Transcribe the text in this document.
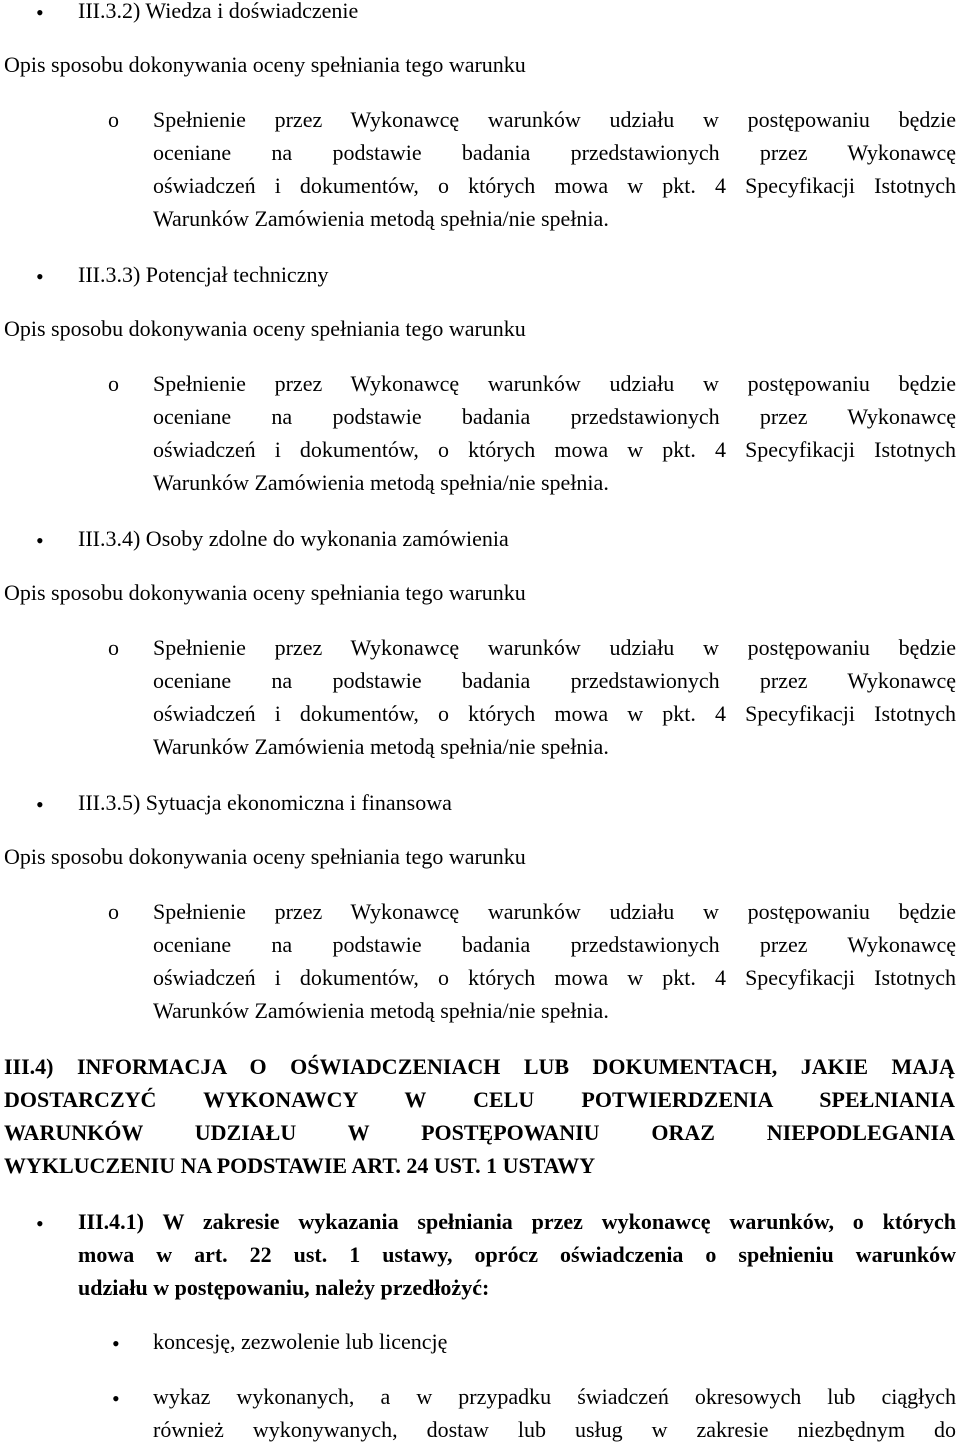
• III.3.2) Wiedza i doświadczenie
Opis sposobu dokonywania oceny spełniania tego warunku
o Spełnienie przez Wykonawcę warunków udziału w postępowaniu będzie
oceniane na podstawie badania przedstawionych przez Wykonawcę
oświadczeń i dokumentów, o których mowa w pkt. 4 Specyfikacji Istotnych
Warunków Zamówienia metodą spełnia/nie spełnia.
• III.3.3) Potencjał techniczny
Opis sposobu dokonywania oceny spełniania tego warunku
o Spełnienie przez Wykonawcę warunków udziału w postępowaniu będzie
oceniane na podstawie badania przedstawionych przez Wykonawcę
oświadczeń i dokumentów, o których mowa w pkt. 4 Specyfikacji Istotnych
Warunków Zamówienia metodą spełnia/nie spełnia.
• III.3.4) Osoby zdolne do wykonania zamówienia
Opis sposobu dokonywania oceny spełniania tego warunku
o Spełnienie przez Wykonawcę warunków udziału w postępowaniu będzie
oceniane na podstawie badania przedstawionych przez Wykonawcę
oświadczeń i dokumentów, o których mowa w pkt. 4 Specyfikacji Istotnych
Warunków Zamówienia metodą spełnia/nie spełnia.
• III.3.5) Sytuacja ekonomiczna i finansowa
Opis sposobu dokonywania oceny spełniania tego warunku
o Spełnienie przez Wykonawcę warunków udziału w postępowaniu będzie
oceniane na podstawie badania przedstawionych przez Wykonawcę
oświadczeń i dokumentów, o których mowa w pkt. 4 Specyfikacji Istotnych
Warunków Zamówienia metodą spełnia/nie spełnia.
III.4) INFORMACJA O OŚWIADCZENIACH LUB DOKUMENTACH, JAKIE MAJĄ
DOSTARCZYĆ WYKONAWCY W CELU POTWIERDZENIA SPEŁNIANIA
WARUNKÓW UDZIAŁU W POSTĘPOWANIU ORAZ NIEPODLEGANIA
WYKLUCZENIU NA PODSTAWIE ART. 24 UST. 1 USTAWY
• III.4.1) W zakresie wykazania spełniania przez wykonawcę warunków, o których
mowa w art. 22 ust. 1 ustawy, oprócz oświadczenia o spełnieniu warunków
udziału w postępowaniu, należy przedłożyć:
• koncesję, zezwolenie lub licencję
• wykaz wykonanych, a w przypadku świadczeń okresowych lub ciągłych
również wykonywanych, dostaw lub usług w zakresie niezbędnym do
